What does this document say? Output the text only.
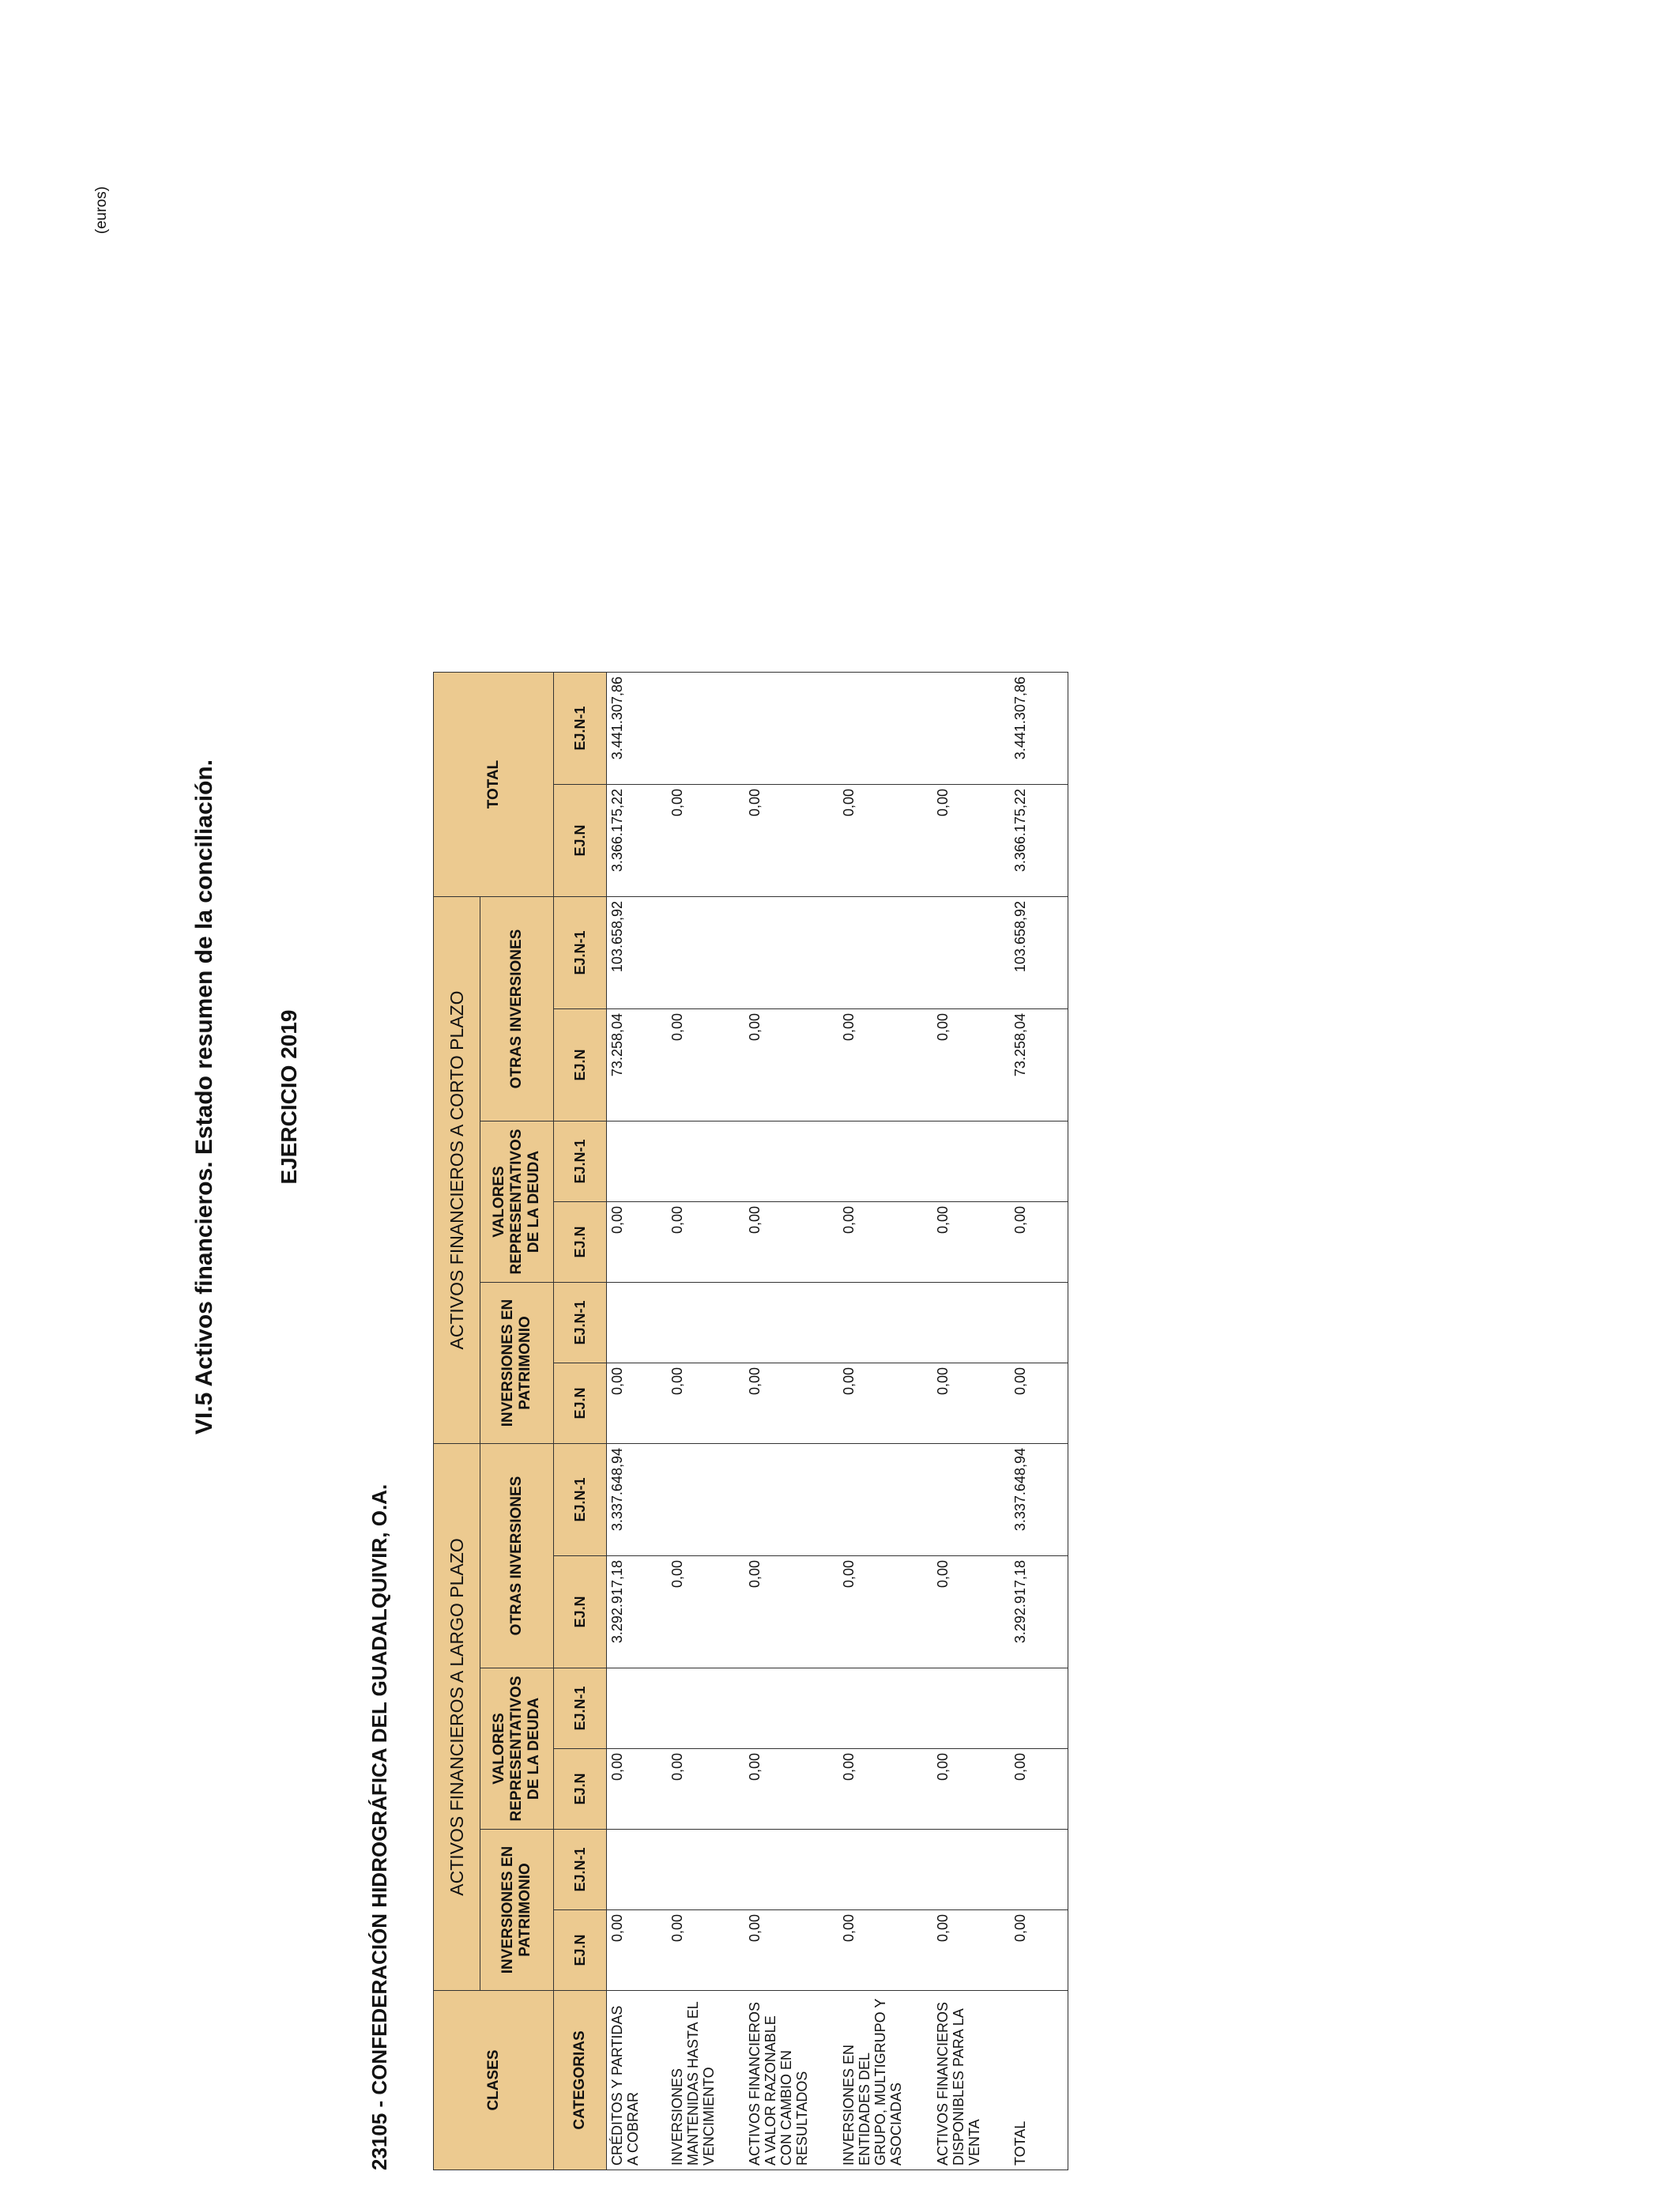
VI.5 Activos financieros. Estado resumen de la conciliación.	EJERCICIO 2019
23105 - CONFEDERACIÓN HIDROGRÁFICA DEL GUADALQUIVIR, O.A.
(euros)
CLASES	ACTIVOS FINANCIEROS A LARGO PLAZO						ACTIVOS FINANCIEROS A CORTO PLAZO						TOTAL	
	INVERSIONES EN PATRIMONIO		VALORES REPRESENTATIVOS DE LA DEUDA		OTRAS INVERSIONES		INVERSIONES EN PATRIMONIO		VALORES REPRESENTATIVOS DE LA DEUDA		OTRAS INVERSIONES			
CATEGORIAS	EJ.N	EJ.N-1	EJ.N	EJ.N-1	EJ.N	EJ.N-1	EJ.N	EJ.N-1	EJ.N	EJ.N-1	EJ.N	EJ.N-1	EJ.N	EJ.N-1
CRÉDITOS Y PARTIDAS A COBRAR	0,00		0,00		3.292.917,18	3.337.648,94	0,00		0,00		73.258,04	103.658,92	3.366.175,22	3.441.307,86
INVERSIONES MANTENIDAS HASTA EL VENCIMIENTO	0,00		0,00		0,00		0,00		0,00		0,00		0,00	
ACTIVOS FINANCIEROS A VALOR RAZONABLE CON CAMBIO EN RESULTADOS	0,00		0,00		0,00		0,00		0,00		0,00		0,00	
INVERSIONES EN ENTIDADES DEL GRUPO, MULTIGRUPO Y ASOCIADAS	0,00		0,00		0,00		0,00		0,00		0,00		0,00	
ACTIVOS FINANCIEROS DISPONIBLES PARA LA VENTA	0,00		0,00		0,00		0,00		0,00		0,00		0,00	
TOTAL	0,00		0,00		3.292.917,18	3.337.648,94	0,00		0,00		73.258,04	103.658,92	3.366.175,22	3.441.307,86
